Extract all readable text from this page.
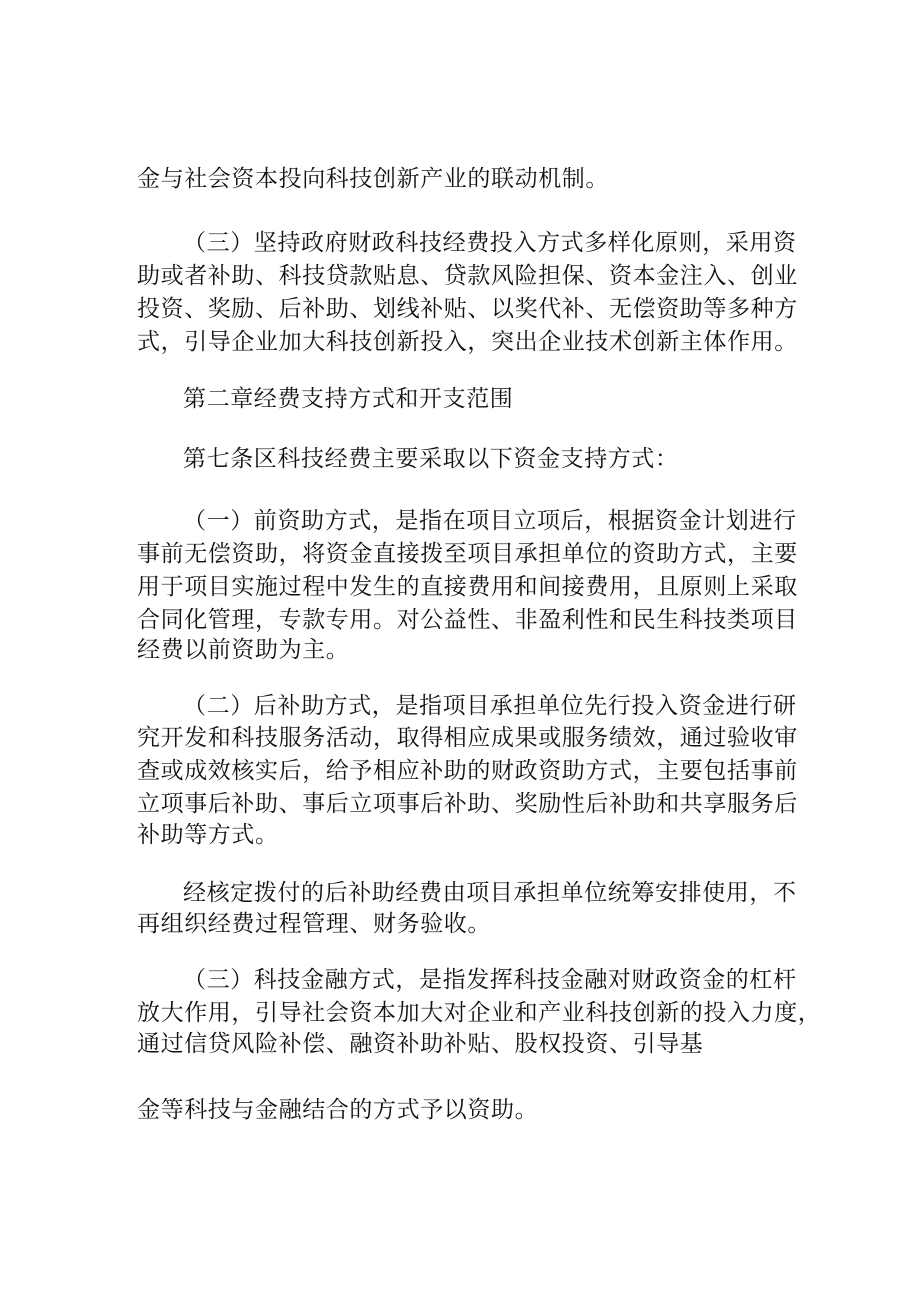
金与社会资本投向科技创新产业的联动机制。
（三）坚持政府财政科技经费投入方式多样化原则，采用资
助或者补助、科技贷款贴息、贷款风险担保、资本金注入、创业
投资、奖励、后补助、划线补贴、以奖代补、无偿资助等多种方
式，引导企业加大科技创新投入，突出企业技术创新主体作用。
第二章经费支持方式和开支范围
第七条区科技经费主要采取以下资金支持方式：
（一）前资助方式，是指在项目立项后，根据资金计划进行
事前无偿资助，将资金直接拨至项目承担单位的资助方式，主要
用于项目实施过程中发生的直接费用和间接费用，且原则上采取
合同化管理，专款专用。对公益性、非盈利性和民生科技类项目
经费以前资助为主。
（二）后补助方式，是指项目承担单位先行投入资金进行研
究开发和科技服务活动，取得相应成果或服务绩效，通过验收审
查或成效核实后，给予相应补助的财政资助方式，主要包括事前
立项事后补助、事后立项事后补助、奖励性后补助和共享服务后
补助等方式。
经核定拨付的后补助经费由项目承担单位统筹安排使用，不
再组织经费过程管理、财务验收。
（三）科技金融方式，是指发挥科技金融对财政资金的杠杆
放大作用，引导社会资本加大对企业和产业科技创新的投入力度，
通过信贷风险补偿、融资补助补贴、股权投资、引导基
金等科技与金融结合的方式予以资助。
